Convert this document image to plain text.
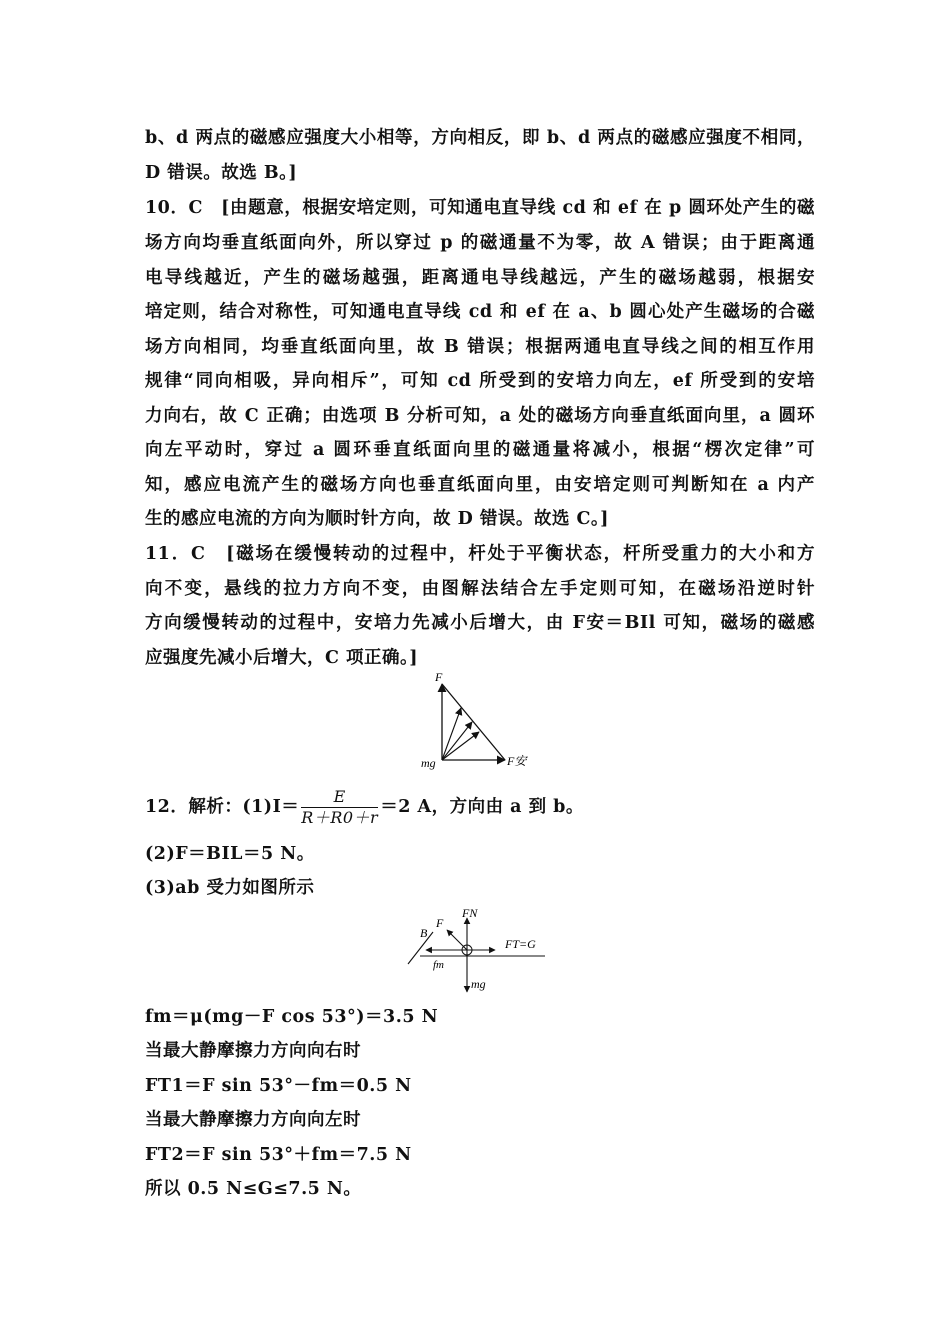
b、d 两点的磁感应强度大小相等，方向相反，即 b、d 两点的磁感应强度不相同，
D 错误。故选 B。]
10．C　[由题意，根据安培定则，可知通电直导线 cd 和 ef 在 p 圆环处产生的磁
场方向均垂直纸面向外，所以穿过 p 的磁通量不为零，故 A 错误；由于距离通
电导线越近，产生的磁场越强，距离通电导线越远，产生的磁场越弱，根据安
培定则，结合对称性，可知通电直导线 cd 和 ef 在 a、b 圆心处产生磁场的合磁
场方向相同，均垂直纸面向里，故 B 错误；根据两通电直导线之间的相互作用
规律“同向相吸，异向相斥”，可知 cd 所受到的安培力向左，ef 所受到的安培
力向右，故 C 正确；由选项 B 分析可知，a 处的磁场方向垂直纸面向里，a 圆环
向左平动时，穿过 a 圆环垂直纸面向里的磁通量将减小，根据“楞次定律”可
知，感应电流产生的磁场方向也垂直纸面向里，由安培定则可判断知在 a 内产
生的感应电流的方向为顺时针方向，故 D 错误。故选 C。]
11．C　[磁场在缓慢转动的过程中，杆处于平衡状态，杆所受重力的大小和方
向不变，悬线的拉力方向不变，由图解法结合左手定则可知，在磁场沿逆时针
方向缓慢转动的过程中，安培力先减小后增大，由 F安＝BIl 可知，磁场的磁感
应强度先减小后增大，C 项正确。]
F
mg	F安
12．解析：$(1)I= \frac{E}{R+R0+r} =2$ A，方向由 a 到 b。
(2)F＝BIL＝5 N。
(3)ab 受力如图所示
B
F
FN
FT=G
fm
mg
fm＝μ(mg－F cos 53°)＝3.5 N
当最大静摩擦力方向向右时
FT1＝F sin 53°－fm＝0.5 N
当最大静摩擦力方向向左时
FT2＝F sin 53°＋fm＝7.5 N
所以 0.5 N≤G≤7.5 N。
